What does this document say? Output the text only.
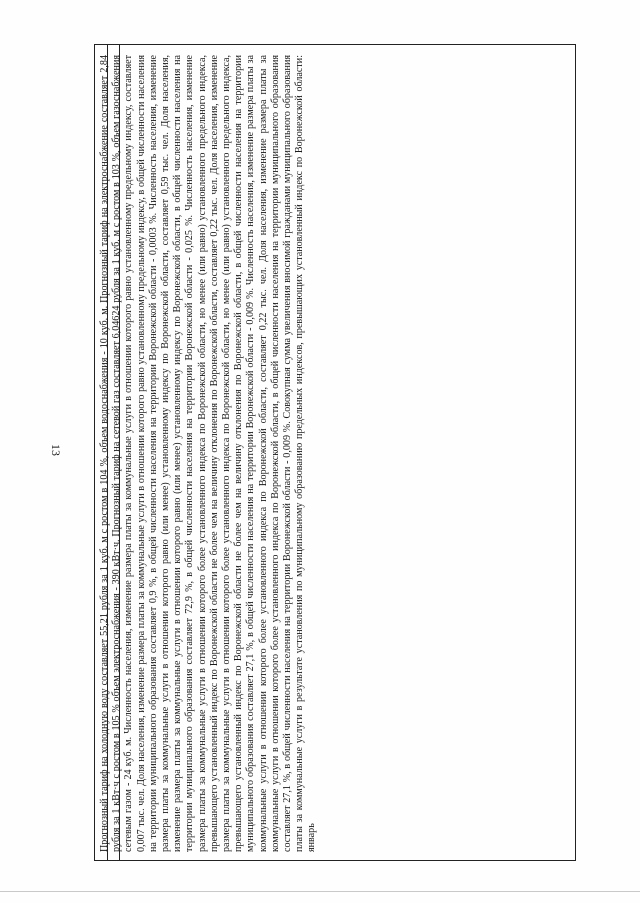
13	Прогнозный тариф на холодную воду составляет 55,21 рубля за 1 куб. м с ростом в 104 %, объем водоснабжения - 10 куб. м. Прогнозный тариф на электроснабжение составляет 2,84 рубля за 1 кВт·ч с ростом в 105 % объем электроснабжения - 390 кВт·ч. Прогнозный тариф на сетевой газ составляет 6,04624 рубля за 1 куб. м с ростом в 103 %, объем газоснабжения сетевым газом - 24 куб. м. Численность населения, изменение размера платы за коммунальные услуги в отношении которого равно установленному предельному индексу, составляет 0,007 тыс. чел. Доля населения, изменение размера платы за коммунальные услуги в отношении которого равно установленному предельному индексу, в общей численности населения на территории муниципального образования составляет 0,9 %, в общей численности населения на территории Воронежской области - 0,0003 %. Численность населения, изменение размера платы за коммунальные услуги в отношении которого равно (или менее) установленному индексу по Воронежской области, составляет 0,59 тыс. чел. Доля населения, изменение размера платы за коммунальные услуги в отношении которого равно (или менее) установленному индексу по Воронежской области, в общей численности населения на территории муниципального образования составляет 72,9 %, в общей численности населения на территории Воронежской области - 0,025 %. Численность населения, изменение размера платы за коммунальные услуги в отношении которого более установленного индекса по Воронежской области, но менее (или равно) установленного предельного индекса, превышающего установленный индекс по Воронежской области не более чем на величину отклонения по Воронежской области, составляет 0,22 тыс. чел. Доля населения, изменение размера платы за коммунальные услуги в отношении которого более установленного индекса по Воронежской области, но менее (или равно) установленного предельного индекса, превышающего установленный индекс по Воронежской области не более чем на величину отклонения по Воронежской области, в общей численности населения на территории муниципального образования составляет 27,1 %, в общей численности населения на территории Воронежской области - 0,009 %. Численность населения, изменение размера платы за коммунальные услуги в отношении которого более установленного индекса по Воронежской области, составляет 0,22 тыс. чел. Доля населения, изменение размера платы за коммунальные услуги в отношении которого более установленного индекса по Воронежской области, в общей численности населения на территории муниципального образования составляет 27,1 %, в общей численности населения на территории Воронежской области - 0,009 %. Совокупная сумма увеличения вносимой гражданами муниципального образования платы за коммунальные услуги в результате установления по муниципальному образованию предельных индексов, превышающих установленный индекс по Воронежской области: январь
